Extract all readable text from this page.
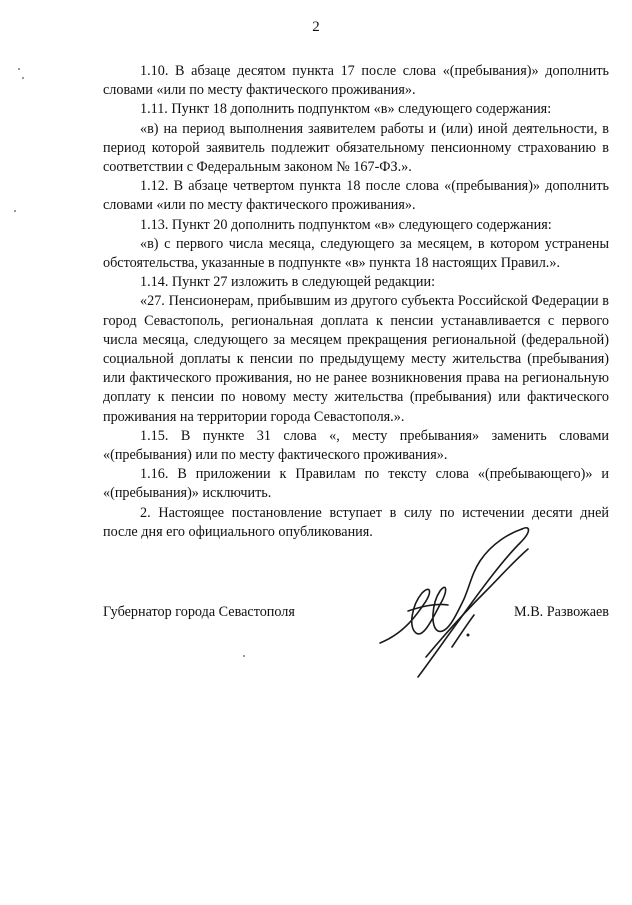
2

1.10. В абзаце десятом пункта 17 после слова «(пребывания)» дополнить словами «или по месту фактического проживания».

1.11. Пункт 18 дополнить подпунктом «в» следующего содержания:

«в) на период выполнения заявителем работы и (или) иной деятельности, в период которой заявитель подлежит обязательному пенсионному страхованию в соответствии с Федеральным законом № 167-ФЗ.».

1.12. В абзаце четвертом пункта 18 после слова «(пребывания)» дополнить словами «или по месту фактического проживания».

1.13. Пункт 20 дополнить подпунктом «в» следующего содержания:

«в) с первого числа месяца, следующего за месяцем, в котором устранены обстоятельства, указанные в подпункте «в» пункта 18 настоящих Правил.».

1.14. Пункт 27 изложить в следующей редакции:

«27. Пенсионерам, прибывшим из другого субъекта Российской Федерации в город Севастополь, региональная доплата к пенсии устанавливается с первого числа месяца, следующего за месяцем прекращения региональной (федеральной) социальной доплаты к пенсии по предыдущему месту жительства (пребывания) или фактического проживания, но не ранее возникновения права на региональную доплату к пенсии по новому месту жительства (пребывания) или фактического проживания на территории города Севастополя.».

1.15. В пункте 31 слова «, месту пребывания» заменить словами «(пребывания) или по месту фактического проживания».

1.16. В приложении к Правилам по тексту слова «(пребывающего)» и «(пребывания)» исключить.

2. Настоящее постановление вступает в силу по истечении десяти дней после дня его официального опубликования.

Губернатор города Севастополя	М.В. Развожаев
